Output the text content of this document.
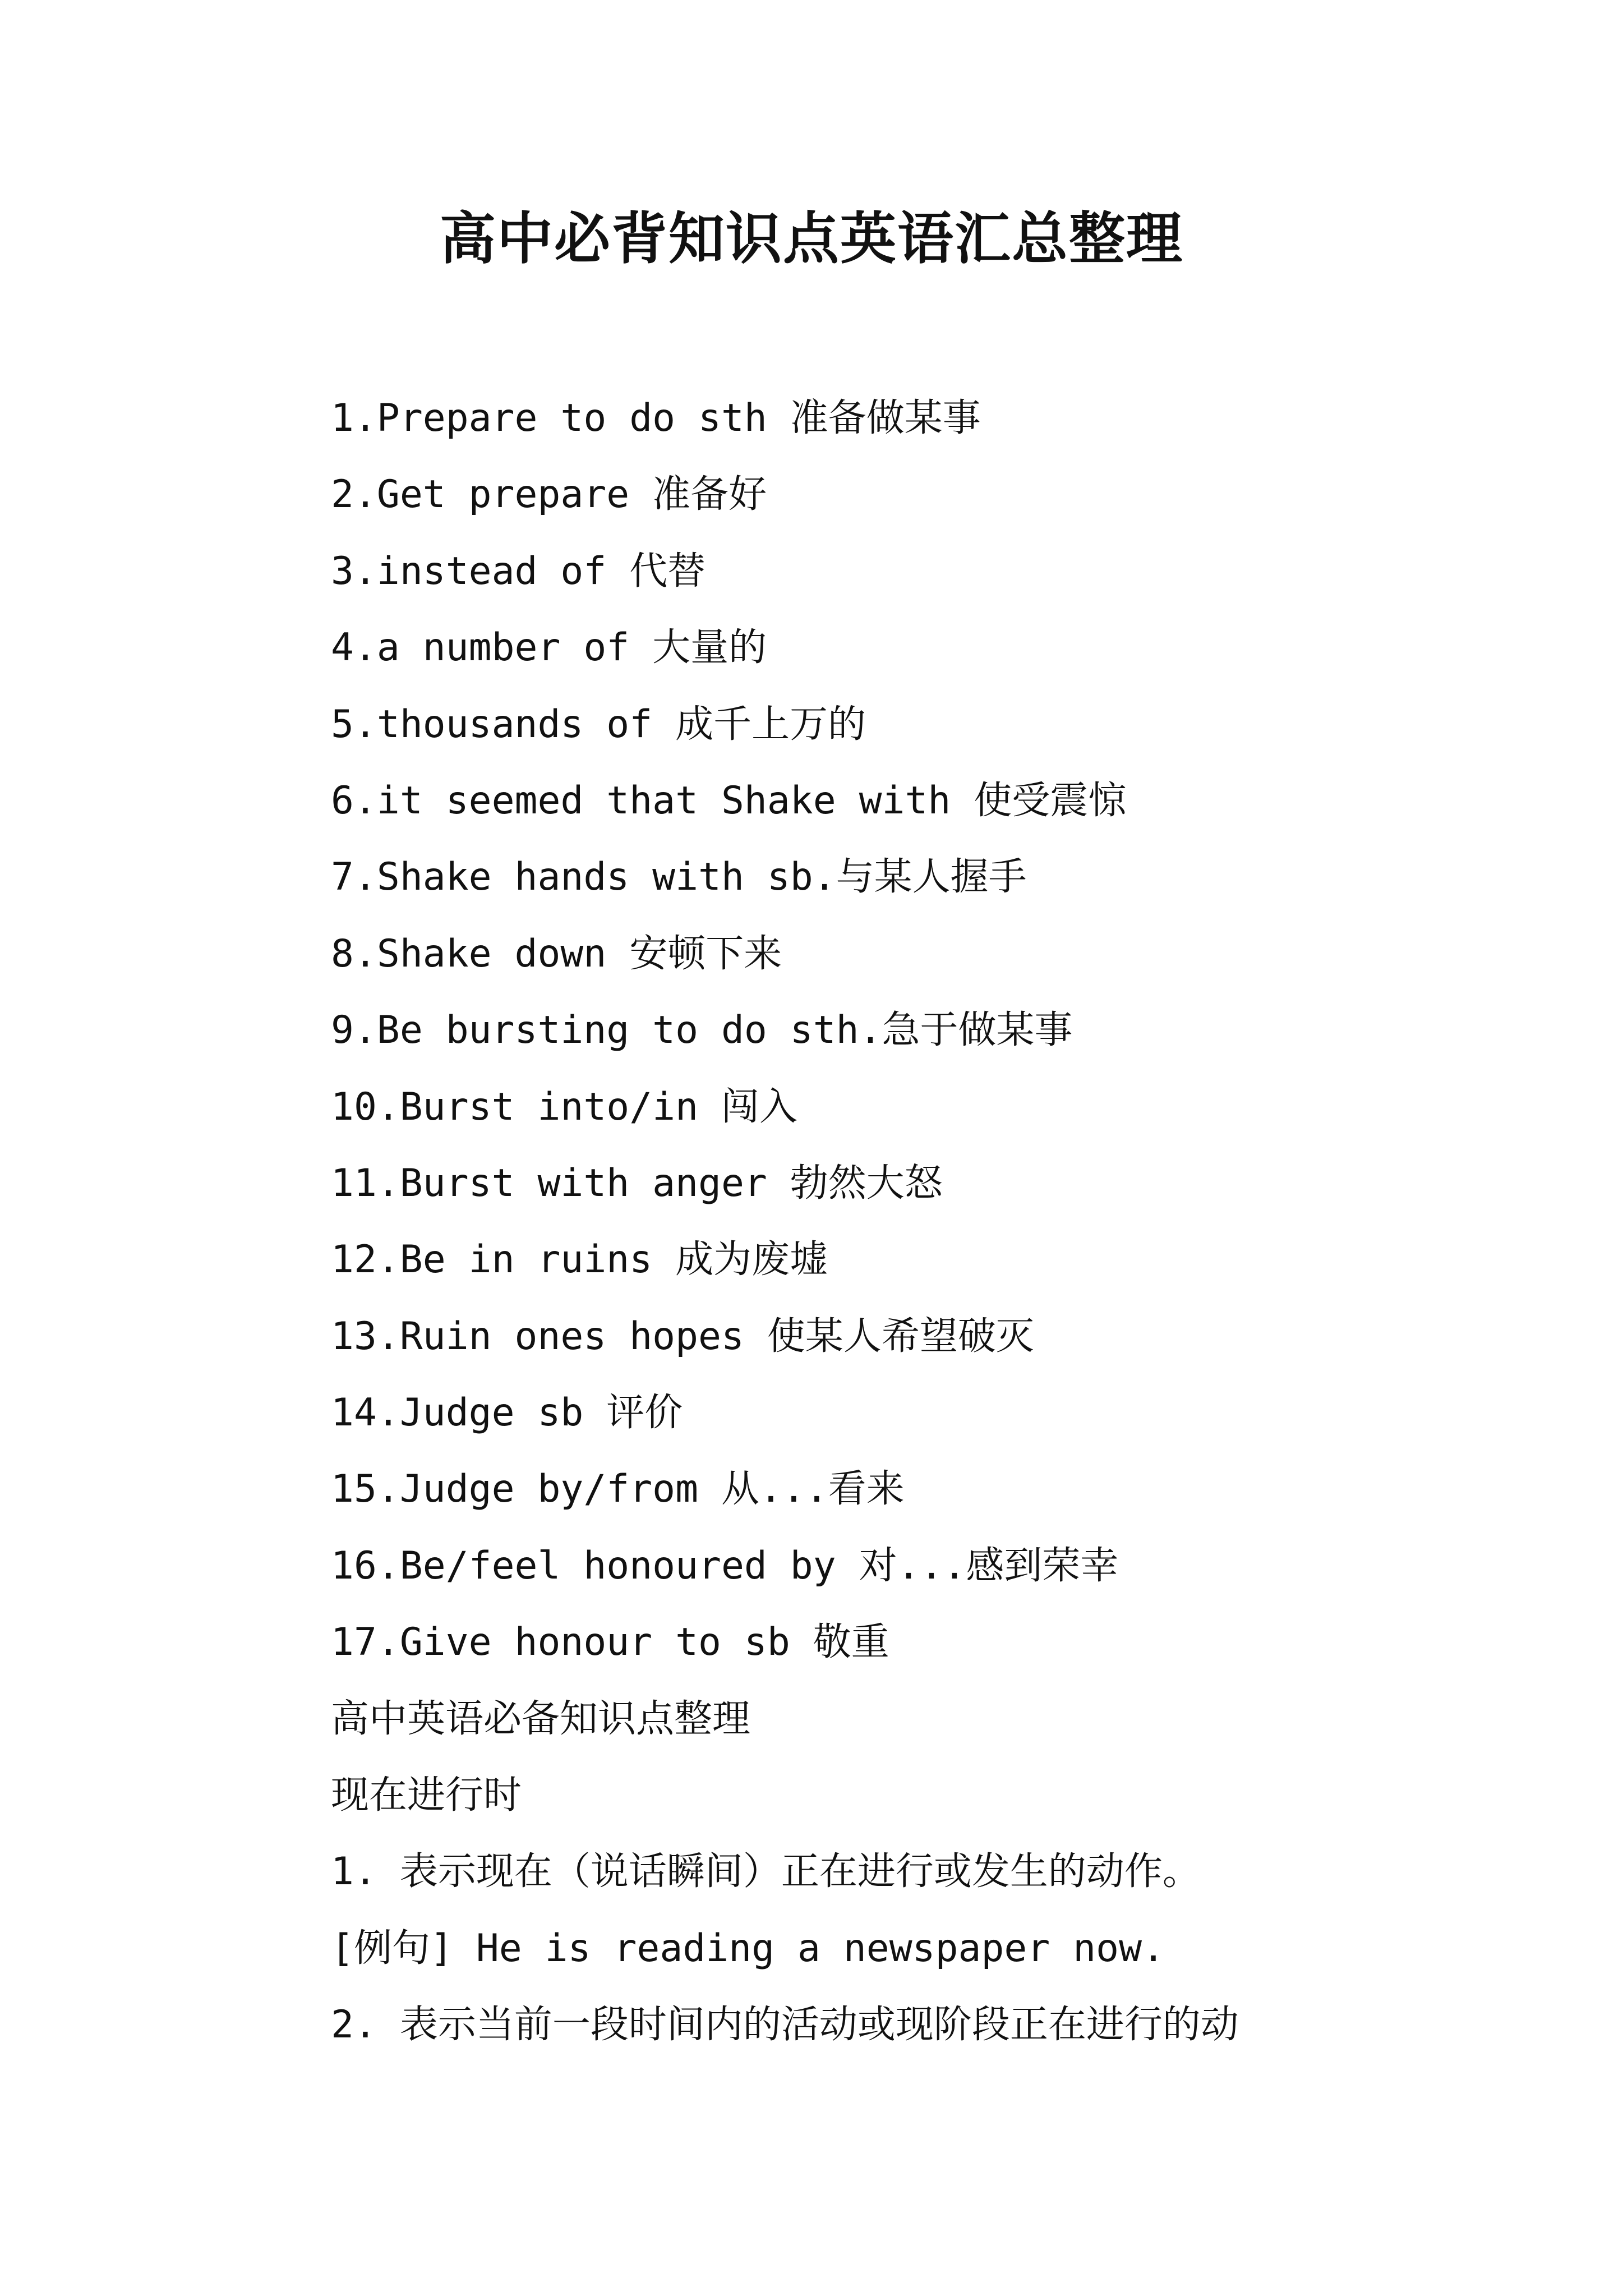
高中必背知识点英语汇总整理
1.Prepare to do sth 准备做某事
2.Get prepare 准备好
3.instead of 代替
4.a number of 大量的
5.thousands of 成千上万的
6.it seemed that Shake with 使受震惊
7.Shake hands with sb.与某人握手
8.Shake down 安顿下来
9.Be bursting to do sth.急于做某事
10.Burst into/in 闯入
11.Burst with anger 勃然大怒
12.Be in ruins 成为废墟
13.Ruin ones hopes 使某人希望破灭
14.Judge sb 评价
15.Judge by/from 从...看来
16.Be/feel honoured by 对...感到荣幸
17.Give honour to sb 敬重
高中英语必备知识点整理
现在进行时
1. 表示现在（说话瞬间）正在进行或发生的动作。
[例句] He is reading a newspaper now.
2. 表示当前一段时间内的活动或现阶段正在进行的动
